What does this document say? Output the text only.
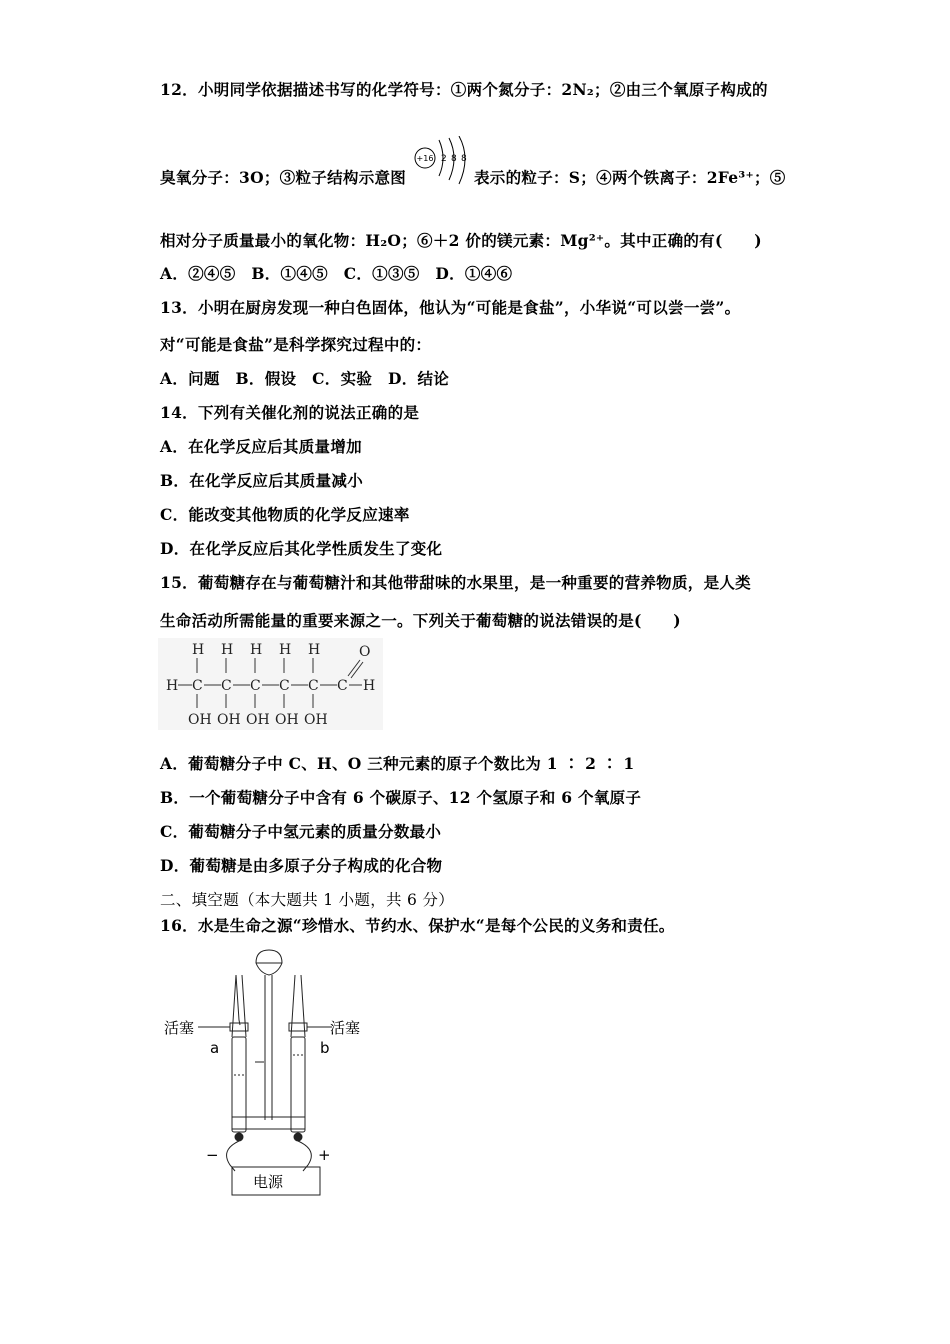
12．小明同学依据描述书写的化学符号：①两个氮分子：2N₂；②由三个氧原子构成的
臭氧分子：3O；③粒子结构示意图
+16 2 8 8
表示的粒子：S；④两个铁离子：2Fe³⁺；⑤
相对分子质量最小的氧化物：H₂O；⑥＋2 价的镁元素：Mg²⁺。其中正确的有(　　)
A．②④⑤　B．①④⑤　C．①③⑤　D．①④⑥
13．小明在厨房发现一种白色固体，他认为“可能是食盐”，小华说“可以尝一尝”。
对“可能是食盐”是科学探究过程中的：
A．问题　B．假设　C．实验　D．结论
14．下列有关催化剂的说法正确的是
A．在化学反应后其质量增加
B．在化学反应后其质量减小
C．能改变其他物质的化学反应速率
D．在化学反应后其化学性质发生了变化
15．葡萄糖存在与葡萄糖汁和其他带甜味的水果里，是一种重要的营养物质，是人类
生命活动所需能量的重要来源之一。下列关于葡萄糖的说法错误的是(　　)
H C C C C C C H
O
H H H H H
OH OH OH OH OH
A．葡萄糖分子中 C、H、O 三种元素的原子个数比为 1 ∶ 2 ∶ 1
B．一个葡萄糖分子中含有 6 个碳原子、12 个氢原子和 6 个氧原子
C．葡萄糖分子中氢元素的质量分数最小
D．葡萄糖是由多原子分子构成的化合物
二、填空题（本大题共 1 小题，共 6 分）
16．水是生命之源“珍惜水、节约水、保护水“是每个公民的义务和责任。
活塞	活塞
a	b
−	+
电源
